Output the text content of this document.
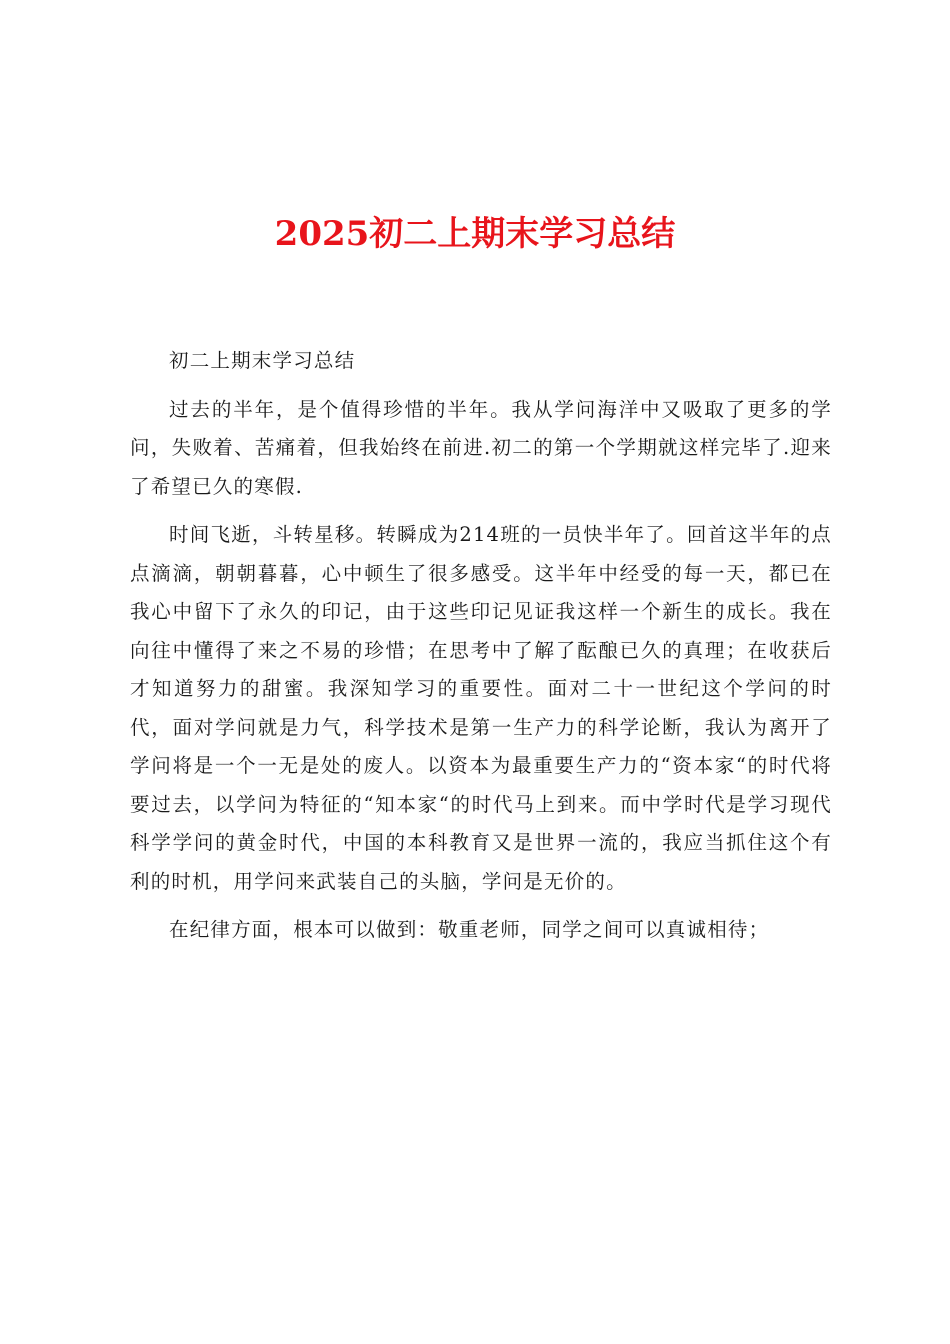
2025初二上期末学习总结

初二上期末学习总结

过去的半年，是个值得珍惜的半年。我从学问海洋中又吸取了更多的学问，失败着、苦痛着，但我始终在前进.初二的第一个学期就这样完毕了.迎来了希望已久的寒假.

时间飞逝，斗转星移。转瞬成为214班的一员快半年了。回首这半年的点点滴滴，朝朝暮暮，心中顿生了很多感受。这半年中经受的每一天，都已在我心中留下了永久的印记，由于这些印记见证我这样一个新生的成长。我在向往中懂得了来之不易的珍惜；在思考中了解了酝酿已久的真理；在收获后才知道努力的甜蜜。我深知学习的重要性。面对二十一世纪这个学问的时代，面对学问就是力气，科学技术是第一生产力的科学论断，我认为离开了学问将是一个一无是处的废人。以资本为最重要生产力的“资本家“的时代将要过去，以学问为特征的“知本家“的时代马上到来。而中学时代是学习现代科学学问的黄金时代，中国的本科教育又是世界一流的，我应当抓住这个有利的时机，用学问来武装自己的头脑，学问是无价的。

在纪律方面，根本可以做到：敬重老师，同学之间可以真诚相待；
